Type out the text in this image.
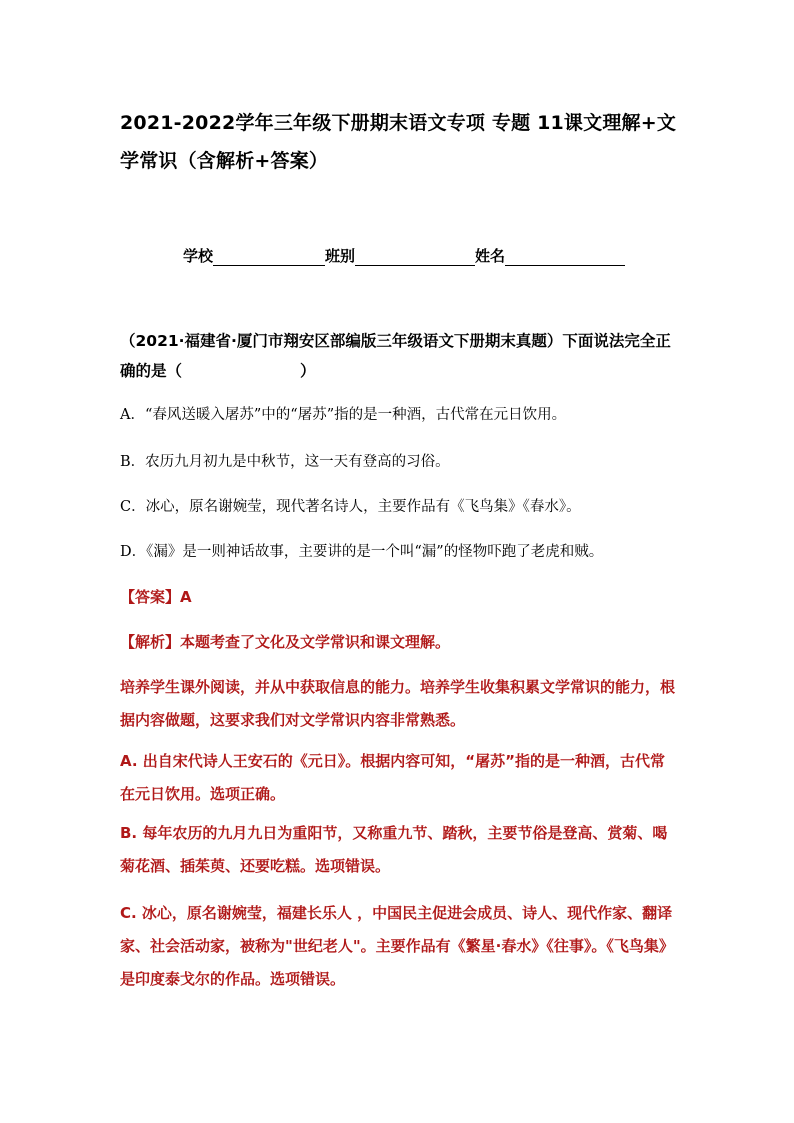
2021-2022学年三年级下册期末语文专项 专题 11课文理解+文学常识（含解析+答案）
学校	班别	姓名
（2021·福建省·厦门市翔安区部编版三年级语文下册期末真题）下面说法完全正确的是（	）
A．“春风送暖入屠苏”中的“屠苏”指的是一种酒，古代常在元日饮用。
B．农历九月初九是中秋节，这一天有登高的习俗。
C．冰心，原名谢婉莹，现代著名诗人，主要作品有《飞鸟集》《春水》。
D．《漏》是一则神话故事，主要讲的是一个叫“漏”的怪物吓跑了老虎和贼。
【答案】A
【解析】本题考查了文化及文学常识和课文理解。
培养学生课外阅读，并从中获取信息的能力。培养学生收集积累文学常识的能力，根据内容做题，这要求我们对文学常识内容非常熟悉。
A. 出自宋代诗人王安石的《元日》。根据内容可知，“屠苏”指的是一种酒，古代常在元日饮用。选项正确。
B. 每年农历的九月九日为重阳节，又称重九节、踏秋，主要节俗是登高、赏菊、喝菊花酒、插茱萸、还要吃糕。选项错误。
C. 冰心，原名谢婉莹，福建长乐人 ，中国民主促进会成员、诗人、现代作家、翻译家、社会活动家，被称为"世纪老人"。主要作品有《繁星·春水》《往事》。《飞鸟集》是印度泰戈尔的作品。选项错误。
